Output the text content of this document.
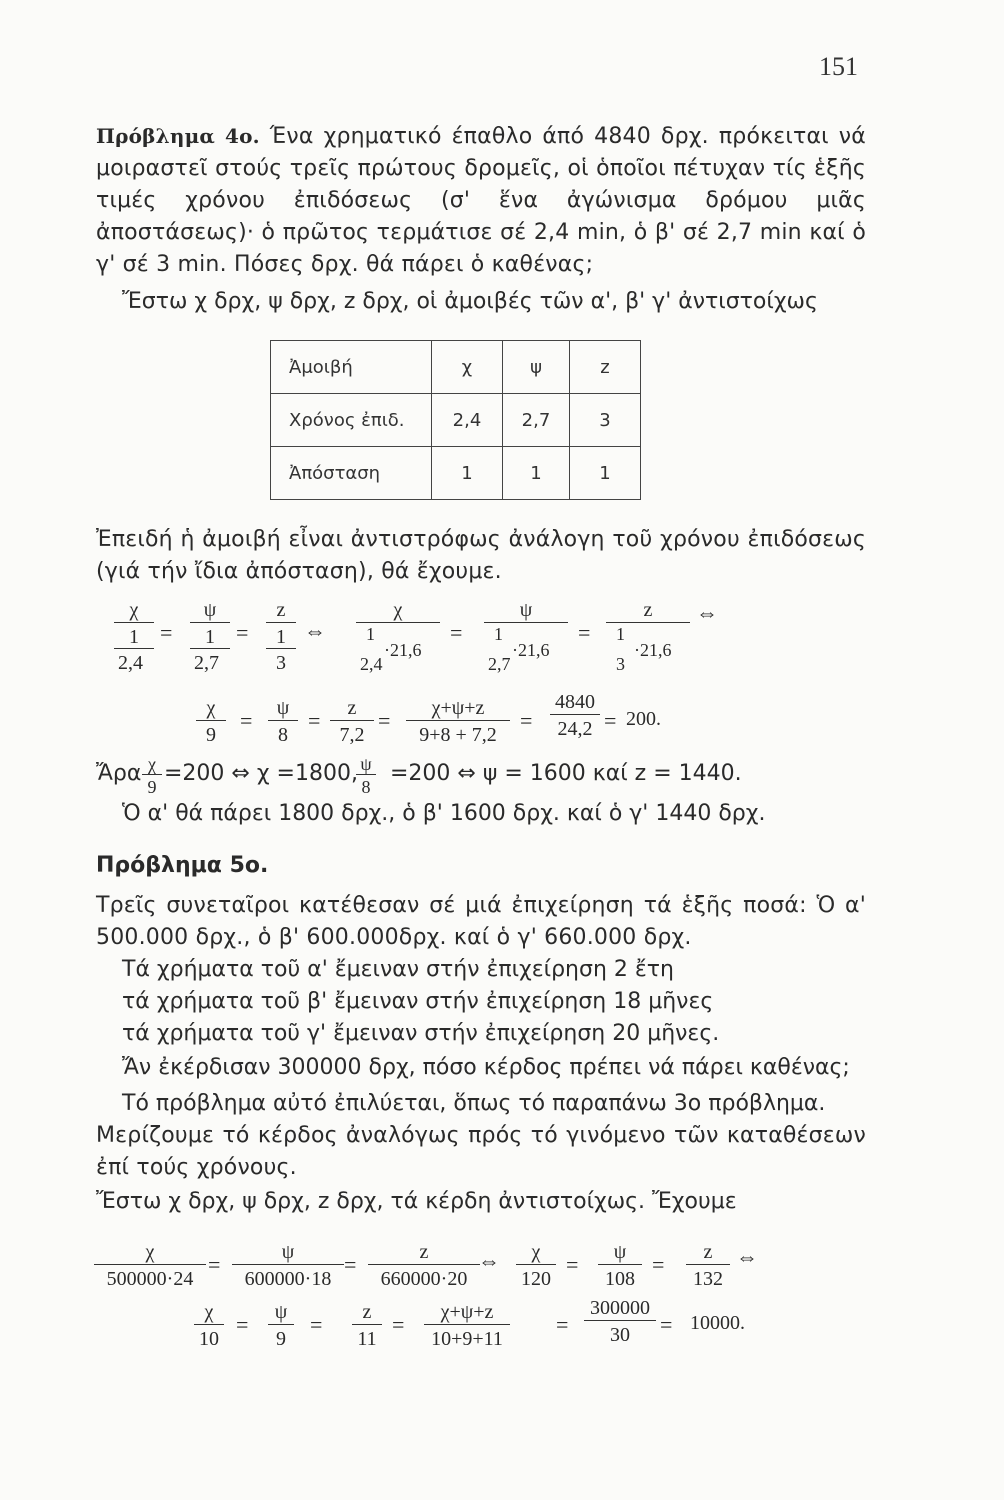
151
Πρόβλημα 4ο. Ένα χρηματικό έπαθλο άπό 4840 δρχ. πρόκειται νά μοιραστεῖ στούς τρεῖς πρώτους δρομεῖς, οἱ ὁποῖοι πέτυχαν τίς ἑξῆς τιμές χρόνου ἐπιδόσεως (σ' ἕνα ἀγώνισμα δρόμου μιᾶς ἀποστάσεως)· ὁ πρῶτος τερμάτισε σέ 2,4 min, ὁ β' σέ 2,7 min καί ὁ γ' σέ 3 min. Πόσες δρχ. θά πάρει ὁ καθένας;
Ἔστω χ δρχ, ψ δρχ, z δρχ, οἱ ἀμοιβές τῶν α', β' γ' ἀντιστοίχως
Ἀμοιβή	χ	ψ	z
Χρόνος ἐπιδ.	2,4	2,7	3
Ἀπόσταση	1	1	1
Ἐπειδή ἡ ἀμοιβή εἶναι ἀντιστρόφως ἀνάλογη τοῦ χρόνου ἐπιδόσεως (γιά τήν ἴδια ἀπόσταση), θά ἔχουμε.
$\frac{\chi}{1}$
2,4
= $\frac{\psi}{1}$
2,7
= $\frac{z}{1}$
3
⇔
χ
1
·21,6
2,4
=
ψ
1
·21,6
2,7
=
z
1
·21,6
3
⇔
$\frac{\chi}{9} = \frac{\psi}{8} = \frac{z}{7,2} = \frac{\chi+\psi+z}{9+8 + 7,2} = \frac{4840}{24,2} = 200$.
Ἄρα $\frac{\chi}{9} =200$ ⇔ χ =1800,
$\frac{\psi}{8} =200$ ⇔ ψ = 1600 καί z = 1440.
Ὁ α' θά πάρει 1800 δρχ., ὁ β' 1600 δρχ. καί ὁ γ' 1440 δρχ.
Πρόβλημα 5ο.
Τρεῖς συνεταῖροι κατέθεσαν σέ μιά ἐπιχείρηση τά ἑξῆς ποσά: Ὁ α' 500.000 δρχ., ὁ β' 600.000δρχ. καί ὁ γ' 660.000 δρχ.
Τά χρήματα τοῦ α' ἔμειναν στήν ἐπιχείρηση 2 ἔτη
τά χρήματα τοῦ β' ἔμειναν στήν ἐπιχείρηση 18 μῆνες
τά χρήματα τοῦ γ' ἔμειναν στήν ἐπιχείρηση 20 μῆνες.
Ἄν ἐκέρδισαν 300000 δρχ, πόσο κέρδος πρέπει νά πάρει καθένας;
Τό πρόβλημα αὐτό ἐπιλύεται, ὅπως τό παραπάνω 3ο πρόβλημα.
Μερίζουμε τό κέρδος ἀναλόγως πρός τό γινόμενο τῶν καταθέσεων ἐπί τούς χρόνους.
Ἔστω χ δρχ, ψ δρχ, z δρχ, τά κέρδη ἀντιστοίχως. Ἔχουμε
$\frac{\chi}{500000\cdot 24} = \frac{\psi}{600000\cdot 18} = \frac{z}{660000\cdot 20}$
⇔ $\frac{\chi}{120} = \frac{\psi}{108} = \frac{z}{132}$ ⇔
$\frac{\chi}{10} = \frac{\psi}{9} = \frac{z}{11} = \frac{\chi+\psi+z}{10+9+11} = \frac{300000}{30} = 10000$.
